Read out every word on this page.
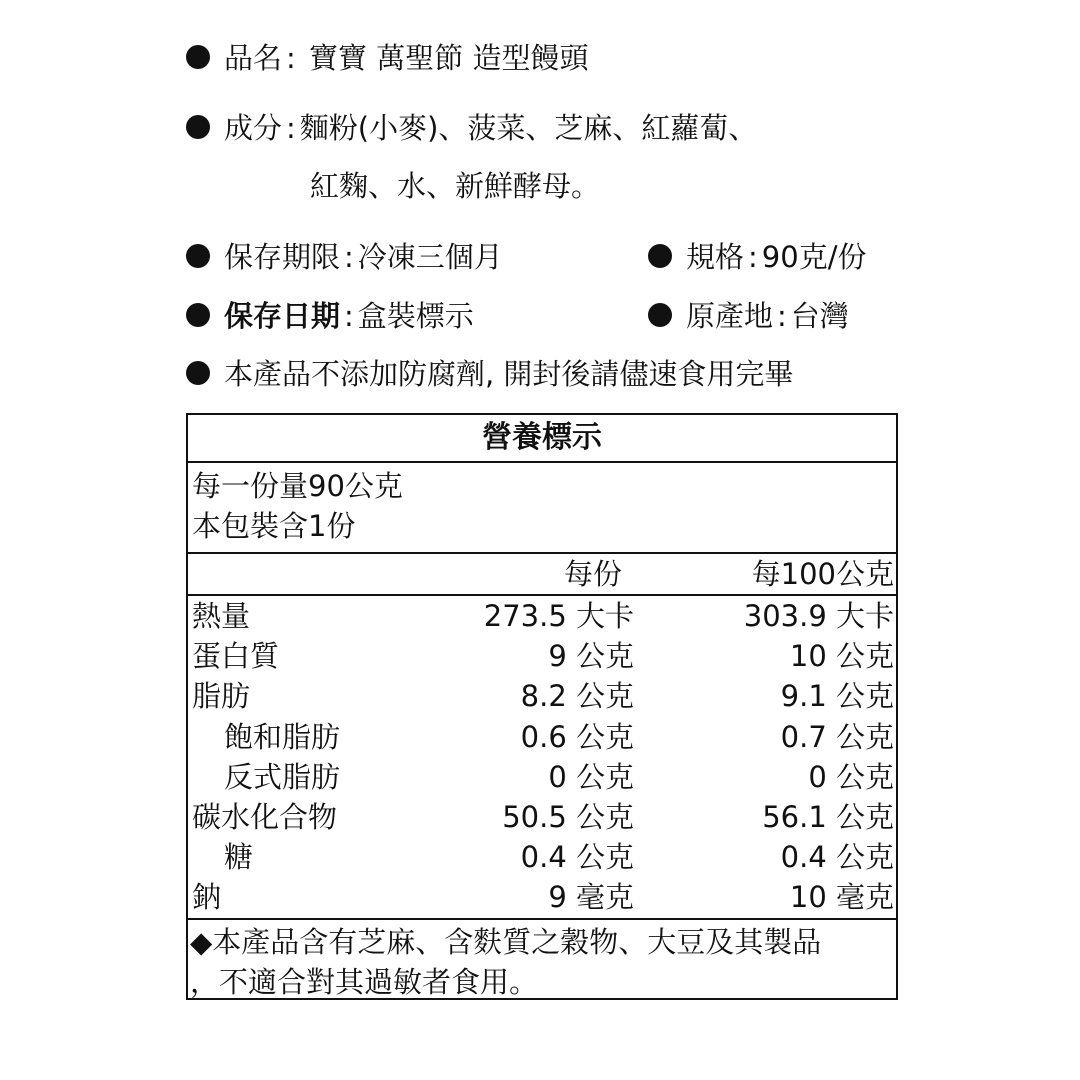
品名 : 寶寶 萬聖節 造型饅頭
成分 : 麵粉(小麥)、菠菜、芝麻、紅蘿蔔、
紅麴、水、新鮮酵母。
保存期限 : 冷凍三個月	規格 : 90克/份
保存日期 : 盒裝標示	原產地 : 台灣
本產品不添加防腐劑, 開封後請儘速食用完畢
營養標示
每一份量90公克
本包裝含1份
每份	每100公克
熱量	273.5 大卡	303.9 大卡
蛋白質	9 公克	10 公克
脂肪	8.2 公克	9.1 公克
飽和脂肪	0.6 公克	0.7 公克
反式脂肪	0 公克	0 公克
碳水化合物	50.5 公克	56.1 公克
糖	0.4 公克	0.4 公克
鈉	9 毫克	10 毫克
◆本產品含有芝麻、含麩質之穀物、大豆及其製品
，不適合對其過敏者食用。
